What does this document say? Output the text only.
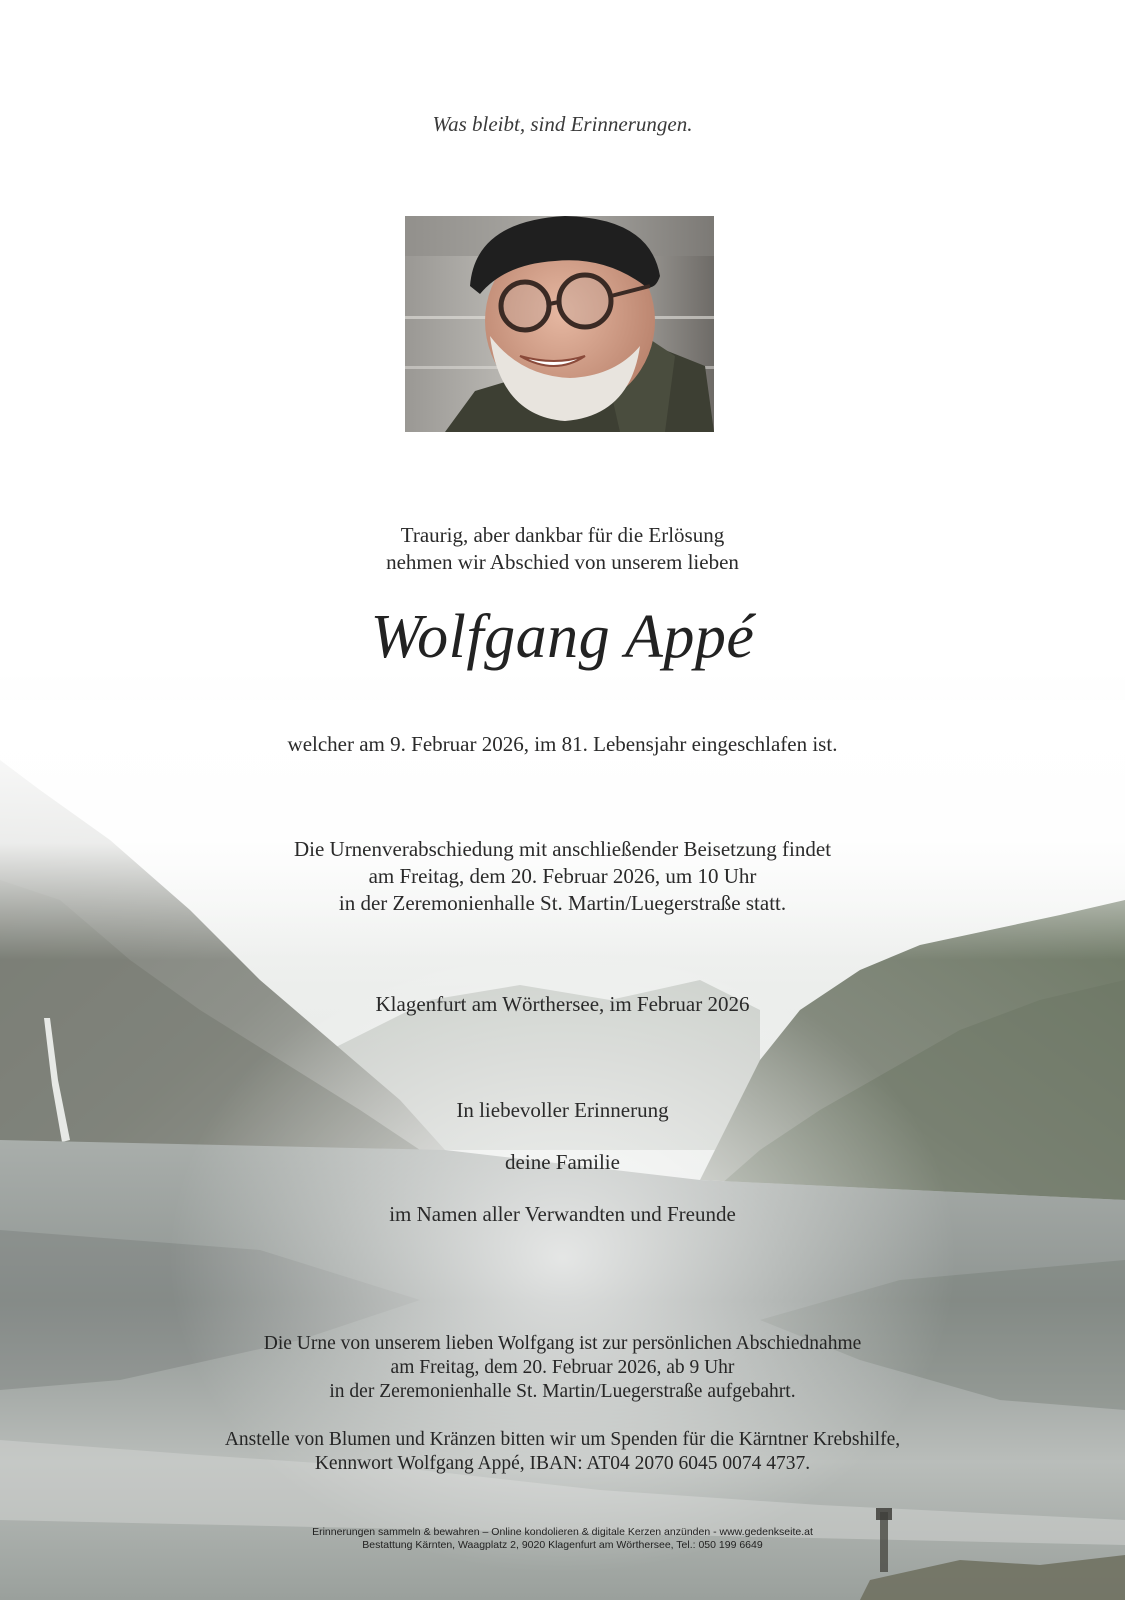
Was bleibt, sind Erinnerungen.
Traurig, aber dankbar für die Erlösung
nehmen wir Abschied von unserem lieben
Wolfgang Appé
welcher am 9. Februar 2026, im 81. Lebensjahr eingeschlafen ist.
Die Urnenverabschiedung mit anschließender Beisetzung findet
am Freitag, dem 20. Februar 2026, um 10 Uhr
in der Zeremonienhalle St. Martin/Luegerstraße statt.
Klagenfurt am Wörthersee, im Februar 2026
In liebevoller Erinnerung
deine Familie
im Namen aller Verwandten und Freunde
Die Urne von unserem lieben Wolfgang ist zur persönlichen Abschiednahme
am Freitag, dem 20. Februar 2026, ab 9 Uhr
in der Zeremonienhalle St. Martin/Luegerstraße aufgebahrt.
Anstelle von Blumen und Kränzen bitten wir um Spenden für die Kärntner Krebshilfe,
Kennwort Wolfgang Appé, IBAN: AT04 2070 6045 0074 4737.
Erinnerungen sammeln & bewahren – Online kondolieren & digitale Kerzen anzünden - www.gedenkseite.at
Bestattung Kärnten, Waagplatz 2, 9020 Klagenfurt am Wörthersee, Tel.: 050 199 6649
